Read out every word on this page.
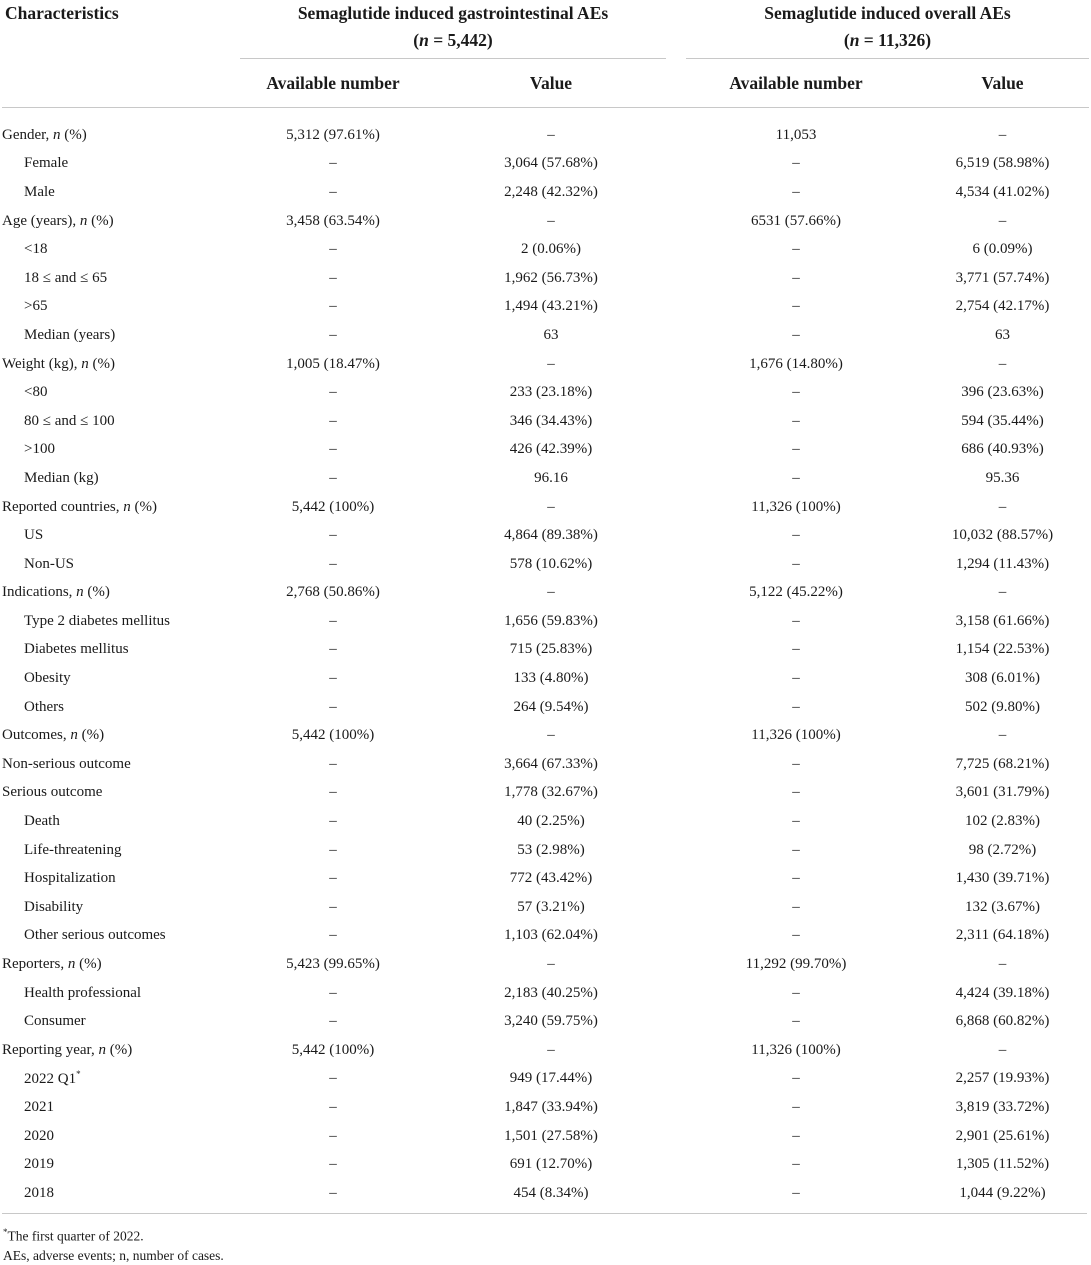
Characteristics	Semaglutide induced gastrointestinal AEs
(n = 5,442)		Semaglutide induced overall AEs
(n = 11,326)	

	Available number	Value	Available number	Value

Gender, n (%)	5,312 (97.61%)	–	11,053	–
Female	–	3,064 (57.68%)	–	6,519 (58.98%)
Male	–	2,248 (42.32%)	–	4,534 (41.02%)
Age (years), n (%)	3,458 (63.54%)	–	6531 (57.66%)	–
<18	–	2 (0.06%)	–	6 (0.09%)
18 ≤ and ≤ 65	–	1,962 (56.73%)	–	3,771 (57.74%)
>65	–	1,494 (43.21%)	–	2,754 (42.17%)
Median (years)	–	63	–	63
Weight (kg), n (%)	1,005 (18.47%)	–	1,676 (14.80%)	–
<80	–	233 (23.18%)	–	396 (23.63%)
80 ≤ and ≤ 100	–	346 (34.43%)	–	594 (35.44%)
>100	–	426 (42.39%)	–	686 (40.93%)
Median (kg)	–	96.16	–	95.36
Reported countries, n (%)	5,442 (100%)	–	11,326 (100%)	–
US	–	4,864 (89.38%)	–	10,032 (88.57%)
Non-US	–	578 (10.62%)	–	1,294 (11.43%)
Indications, n (%)	2,768 (50.86%)	–	5,122 (45.22%)	–
Type 2 diabetes mellitus	–	1,656 (59.83%)	–	3,158 (61.66%)
Diabetes mellitus	–	715 (25.83%)	–	1,154 (22.53%)
Obesity	–	133 (4.80%)	–	308 (6.01%)
Others	–	264 (9.54%)	–	502 (9.80%)
Outcomes, n (%)	5,442 (100%)	–	11,326 (100%)	–
Non-serious outcome	–	3,664 (67.33%)	–	7,725 (68.21%)
Serious outcome	–	1,778 (32.67%)	–	3,601 (31.79%)
Death	–	40 (2.25%)	–	102 (2.83%)
Life-threatening	–	53 (2.98%)	–	98 (2.72%)
Hospitalization	–	772 (43.42%)	–	1,430 (39.71%)
Disability	–	57 (3.21%)	–	132 (3.67%)
Other serious outcomes	–	1,103 (62.04%)	–	2,311 (64.18%)
Reporters, n (%)	5,423 (99.65%)	–	11,292 (99.70%)	–
Health professional	–	2,183 (40.25%)	–	4,424 (39.18%)
Consumer	–	3,240 (59.75%)	–	6,868 (60.82%)
Reporting year, n (%)	5,442 (100%)	–	11,326 (100%)	–
2022 Q1*	–	949 (17.44%)	–	2,257 (19.93%)
2021	–	1,847 (33.94%)	–	3,819 (33.72%)
2020	–	1,501 (27.58%)	–	2,901 (25.61%)
2019	–	691 (12.70%)	–	1,305 (11.52%)
2018	–	454 (8.34%)	–	1,044 (9.22%)
*The first quarter of 2022.
AEs, adverse events; n, number of cases.
